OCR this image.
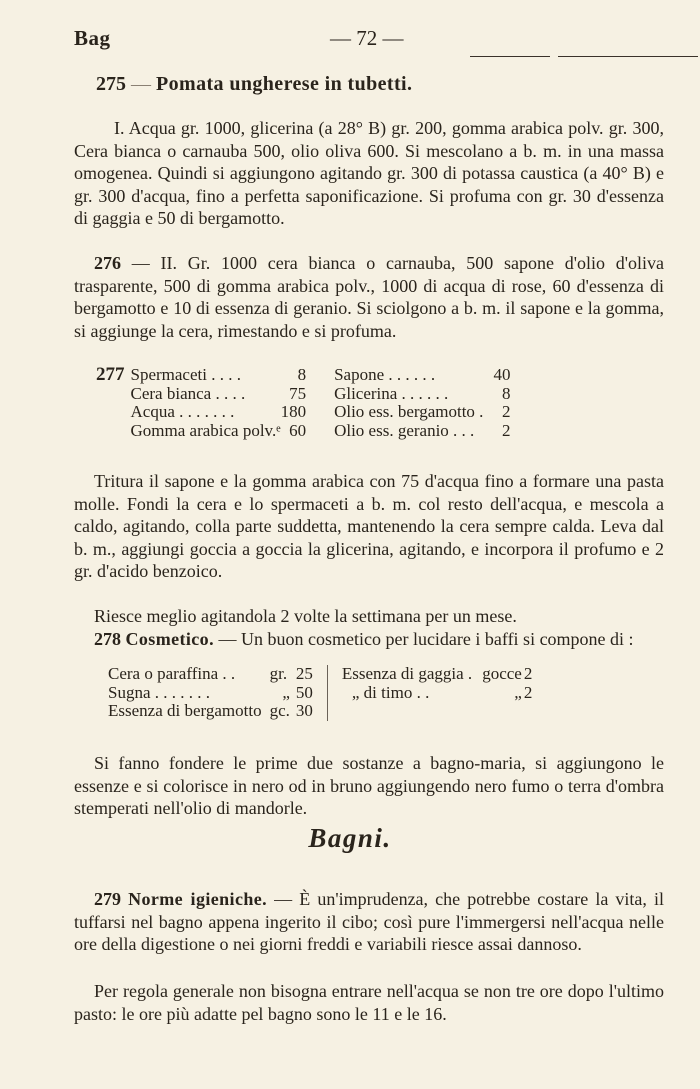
Bag	— 72 —
275 — Pomata ungherese in tubetti.

I. Acqua gr. 1000, glicerina (a 28° B) gr. 200, gomma arabica polv. gr. 300, Cera bianca o carnauba 500, olio oliva 600. Si mescolano a b. m. in una massa omogenea. Quindi si aggiungono agitando gr. 300 di potassa caustica (a 40° B) e gr. 300 d'acqua, fino a perfetta saponificazione. Si profuma con gr. 30 d'essenza di gaggia e 50 di bergamotto.

276 — II. Gr. 1000 cera bianca o carnauba, 500 sapone d'olio d'oliva trasparente, 500 di gomma arabica polv., 1000 di acqua di rose, 60 d'essenza di bergamotto e 10 di essenza di geranio. Si sciolgono a b. m. il sapone e la gomma, si aggiunge la cera, rimestando e si profuma.

277	Spermaceti . . . .	8	Sapone . . . . . .	40
	Cera bianca . . . .	75	Glicerina . . . . . .	8
	Acqua . . . . . . .	180	Olio ess. bergamotto .	2
	Gomma arabica polv.ᵉ	60	Olio ess. geranio . . .	2

Tritura il sapone e la gomma arabica con 75 d'acqua fino a formare una pasta molle. Fondi la cera e lo spermaceti a b. m. col resto dell'acqua, e mescola a caldo, agitando, colla parte suddetta, mantenendo la cera sempre calda. Leva dal b. m., aggiungi goccia a goccia la glicerina, agitando, e incorpora il profumo e 2 gr. d'acido benzoico.

Riesce meglio agitandola 2 volte la settimana per un mese.

278 Cosmetico. — Un buon cosmetico per lucidare i baffi si compone di :

Cera o paraffina . .	gr.	25	Essenza di gaggia .	gocce	2
Sugna . . . . . . .	„	50	„ di timo . .	„	2
Essenza di bergamotto	gc.	30			

Si fanno fondere le prime due sostanze a bagno-maria, si aggiungono le essenze e si colorisce in nero od in bruno aggiungendo nero fumo o terra d'ombra stemperati nell'olio di mandorle.

Bagni.

279 Norme igieniche. — È un'imprudenza, che potrebbe costare la vita, il tuffarsi nel bagno appena ingerito il cibo; così pure l'immergersi nell'acqua nelle ore della digestione o nei giorni freddi e variabili riesce assai dannoso.

Per regola generale non bisogna entrare nell'acqua se non tre ore dopo l'ultimo pasto: le ore più adatte pel bagno sono le 11 e le 16.
